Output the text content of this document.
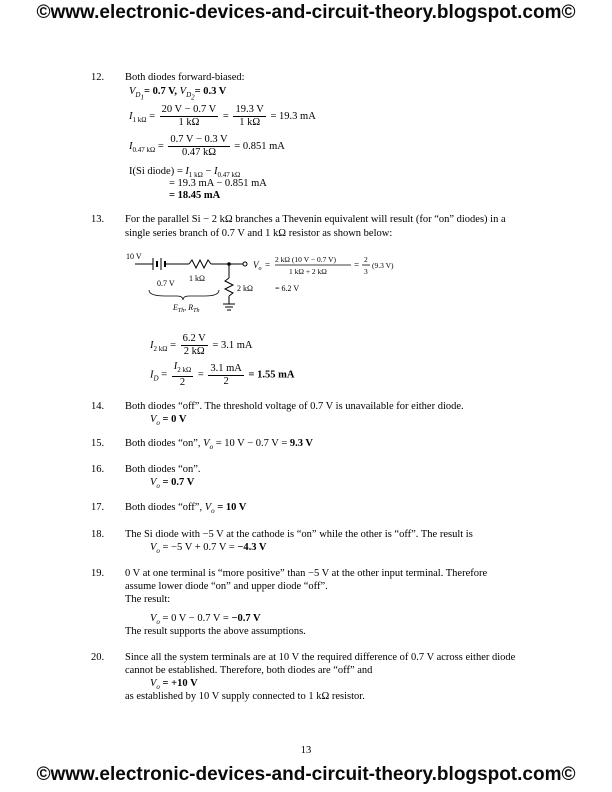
©www.electronic-devices-and-circuit-theory.blogspot.com©
12. Both diodes forward-biased:
$V_{D_1}= 0.7$ V, $V_{D_2}= 0.3$ V
$I_{1 k\Omega} = \frac{20 V - 0.7 V}{1 k\Omega} = \frac{19.3 V}{1 k\Omega} = 19.3$ mA
$I_{0.47 k\Omega} = \frac{0.7 V - 0.3 V}{0.47 k\Omega} = 0.851$ mA
I(Si diode) = $I_{1 k\Omega} - I_{0.47 k\Omega}$
= 19.3 mA − 0.851 mA
= 18.45 mA
13. For the parallel Si − 2 kΩ branches a Thevenin equivalent will result (for “on” diodes) in a
single series branch of 0.7 V and 1 kΩ resistor as shown below:
10 V
1 kΩ
0.7 V
$E_{Th}$, $R_{Th}$
2 kΩ	= 6.2 V
$V_o$ =
2 kΩ (10 V − 0.7 V)
1 kΩ + 2 kΩ
=
2
3
(9.3 V)
$I_{2 k\Omega} = \frac{6.2 V}{2 k\Omega} = 3.1$ mA
$I_D = \frac{I_{2 k\Omega}}{2} = \frac{3.1 mA}{2} = 1.55$ mA
14. Both diodes “off”. The threshold voltage of 0.7 V is unavailable for either diode.
$V_o = 0$ V
15. Both diodes “on”, $V_o = 10$ V − 0.7 V = 9.3 V
16. Both diodes “on”.
$V_o = 0.7$ V
17. Both diodes “off”, $V_o = 10$ V
18. The Si diode with −5 V at the cathode is “on” while the other is “off”. The result is
$V_o = -5$ V + 0.7 V = −4.3 V
19. 0 V at one terminal is “more positive” than −5 V at the other input terminal. Therefore
assume lower diode “on” and upper diode “off”.
The result:
$V_o = 0$ V − 0.7 V = −0.7 V
The result supports the above assumptions.
20. Since all the system terminals are at 10 V the required difference of 0.7 V across either diode
cannot be established. Therefore, both diodes are “off” and
$V_o = +10$ V
as established by 10 V supply connected to 1 kΩ resistor.
13
©www.electronic-devices-and-circuit-theory.blogspot.com©
